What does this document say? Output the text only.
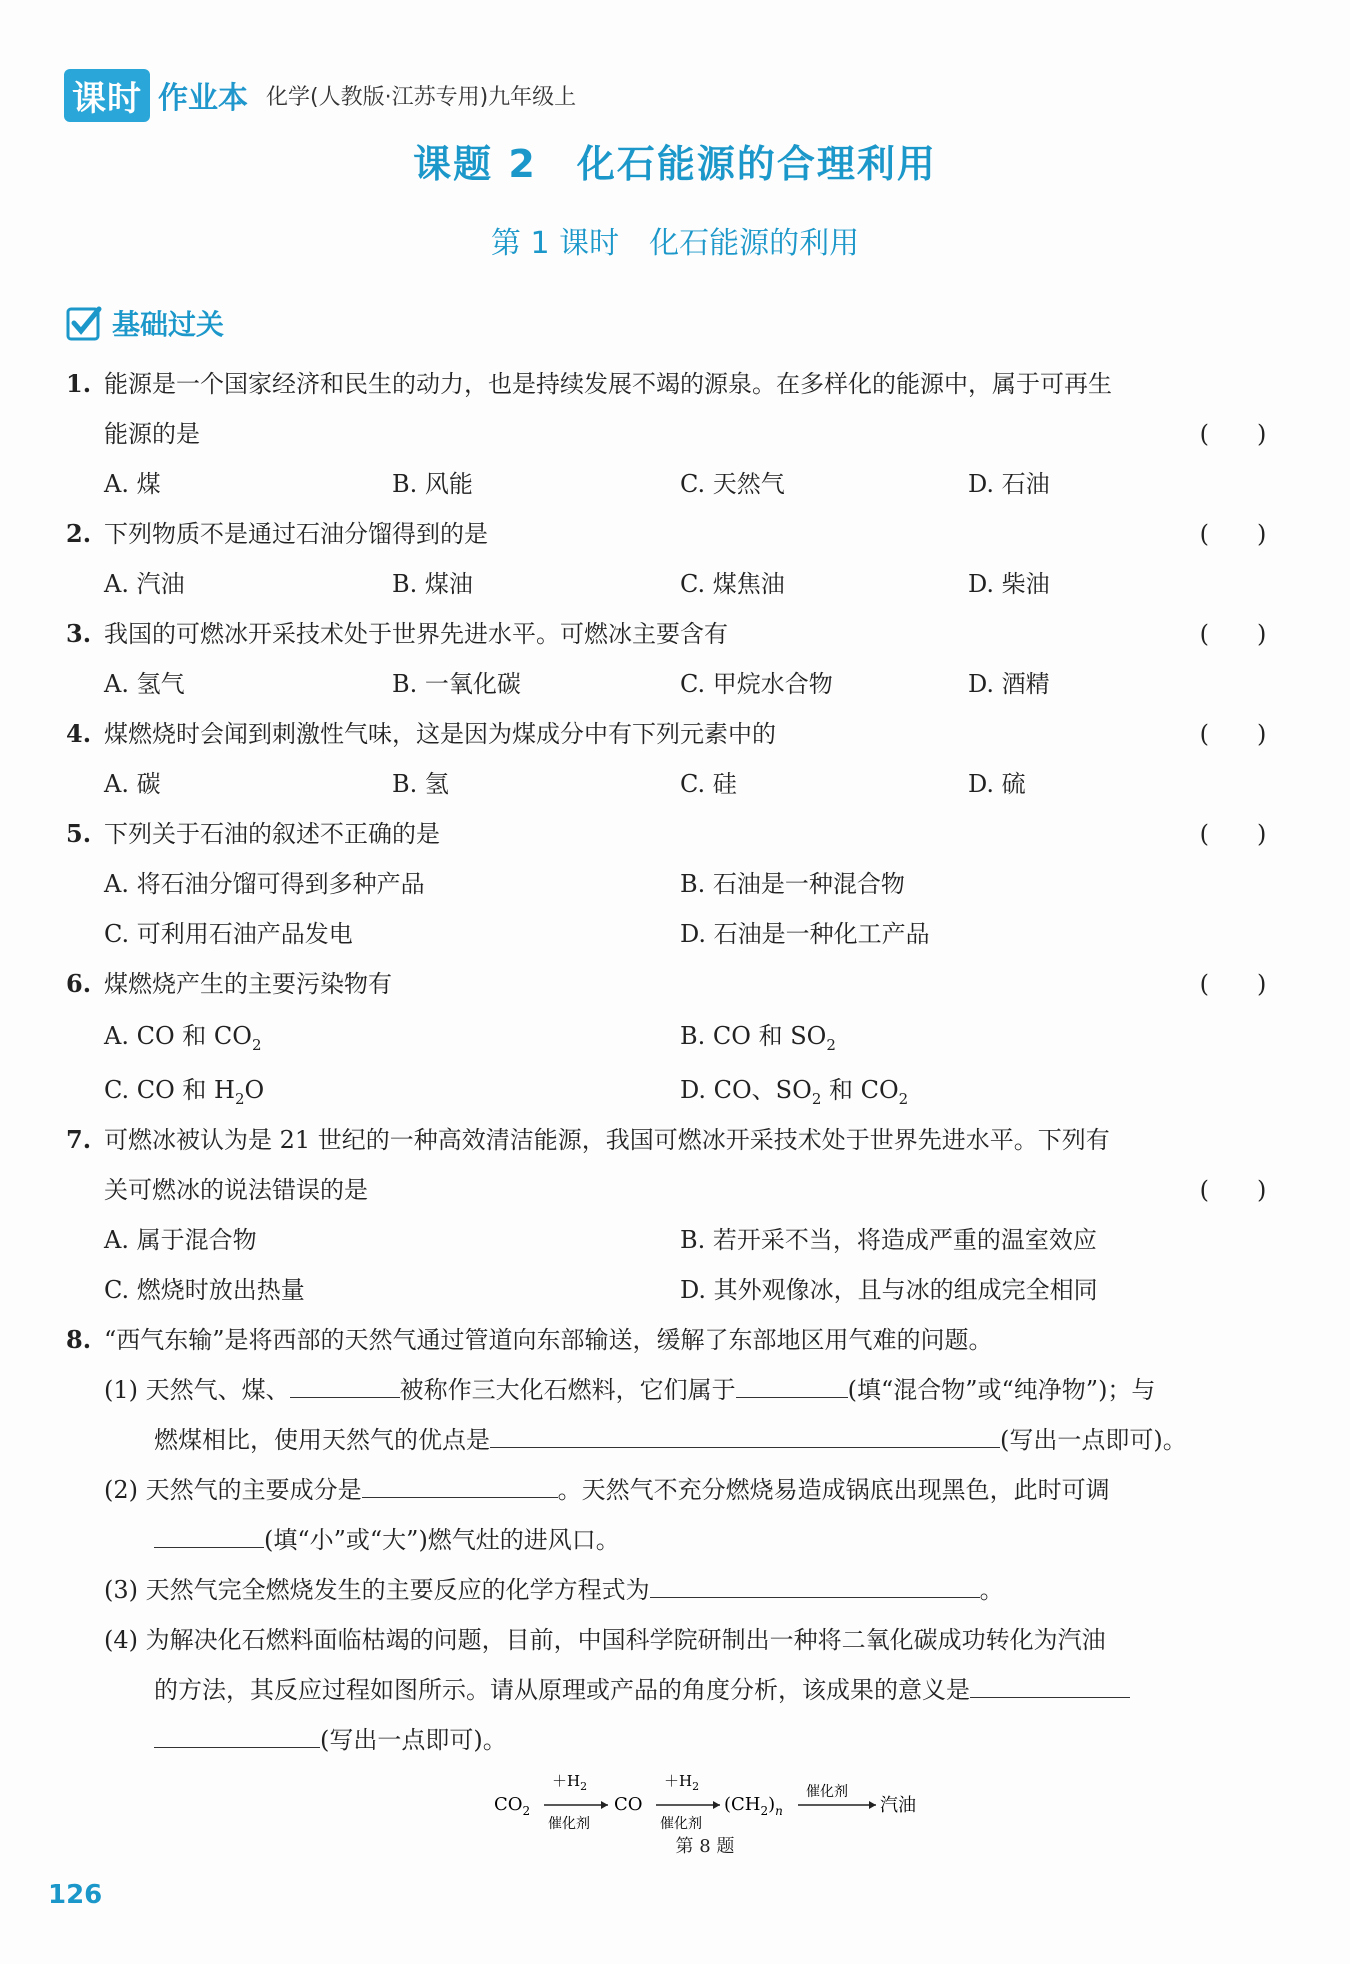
课时 作业本 化学(人教版·江苏专用)九年级上
课题 2　化石能源的合理利用
第 1 课时　化石能源的利用
基础过关
1. 能源是一个国家经济和民生的动力，也是持续发展不竭的源泉。在多样化的能源中，属于可再生
能源的是	(　　)
A. 煤	B. 风能	C. 天然气	D. 石油
2. 下列物质不是通过石油分馏得到的是	(　　)
A. 汽油	B. 煤油	C. 煤焦油	D. 柴油
3. 我国的可燃冰开采技术处于世界先进水平。可燃冰主要含有	(　　)
A. 氢气	B. 一氧化碳	C. 甲烷水合物	D. 酒精
4. 煤燃烧时会闻到刺激性气味，这是因为煤成分中有下列元素中的	(　　)
A. 碳	B. 氢	C. 硅	D. 硫
5. 下列关于石油的叙述不正确的是	(　　)
A. 将石油分馏可得到多种产品	B. 石油是一种混合物
C. 可利用石油产品发电	D. 石油是一种化工产品
6. 煤燃烧产生的主要污染物有	(　　)
A. CO 和 $CO_2$	B. CO 和 $SO_2$
C. CO 和 $H_2O$	D. CO、$SO_2$ 和 $CO_2$
7. 可燃冰被认为是 21 世纪的一种高效清洁能源，我国可燃冰开采技术处于世界先进水平。下列有
关可燃冰的说法错误的是	(　　)
A. 属于混合物	B. 若开采不当，将造成严重的温室效应
C. 燃烧时放出热量	D. 其外观像冰，且与冰的组成完全相同
8. “西气东输”是将西部的天然气通过管道向东部输送，缓解了东部地区用气难的问题。
(1) 天然气、煤、	被称作三大化石燃料，它们属于	(填“混合物”或“纯净物”)；与
燃煤相比，使用天然气的优点是	(写出一点即可)。
(2) 天然气的主要成分是	。天然气不充分燃烧易造成锅底出现黑色，此时可调
(填“小”或“大”)燃气灶的进风口。
(3) 天然气完全燃烧发生的主要反应的化学方程式为	。
(4) 为解决化石燃料面临枯竭的问题，目前，中国科学院研制出一种将二氧化碳成功转化为汽油
的方法，其反应过程如图所示。请从原理或产品的角度分析，该成果的意义是
(写出一点即可)。
$CO_2$
$+H_2$
催化剂
CO
$+H_2$
催化剂
$(CH_2)_n$
催化剂
汽油
第 8 题
126
